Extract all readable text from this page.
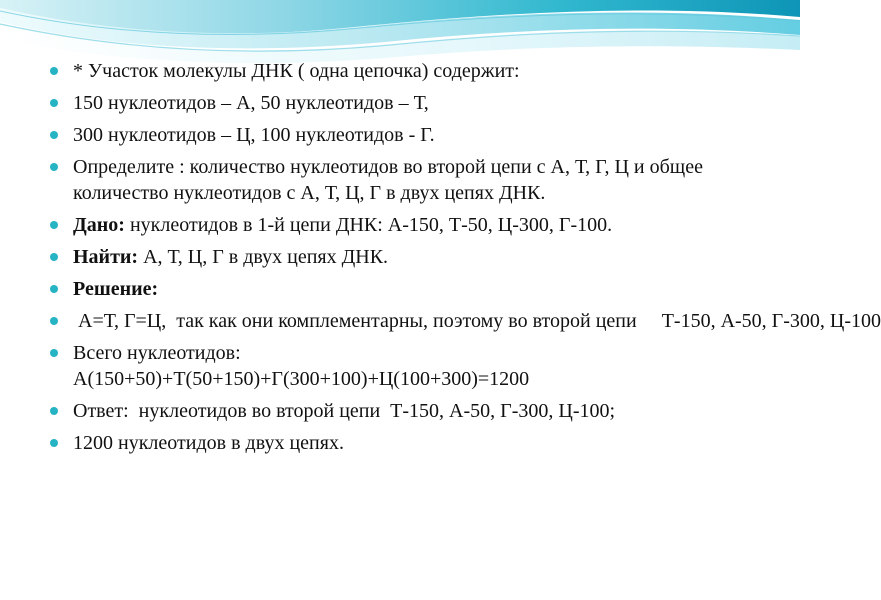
* Участок молекулы ДНК ( одна цепочка) содержит:
150 нуклеотидов – А, 50 нуклеотидов – Т,
300 нуклеотидов – Ц, 100 нуклеотидов - Г.
Определите : количество нуклеотидов во второй цепи с А, Т, Г, Ц и общее количество нуклеотидов с А, Т, Ц, Г в двух цепях ДНК.
Дано: нуклеотидов в 1-й цепи ДНК: А-150, Т-50, Ц-300, Г-100.
Найти: А, Т, Ц, Г в двух цепях ДНК.
Решение:
А=Т, Г=Ц,  так как они комплементарны, поэтому во второй цепи     Т-150, А-50, Г-300, Ц-100
Всего нуклеотидов:
А(150+50)+Т(50+150)+Г(300+100)+Ц(100+300)=1200
Ответ:  нуклеотидов во второй цепи  Т-150, А-50, Г-300, Ц-100;
1200 нуклеотидов в двух цепях.
